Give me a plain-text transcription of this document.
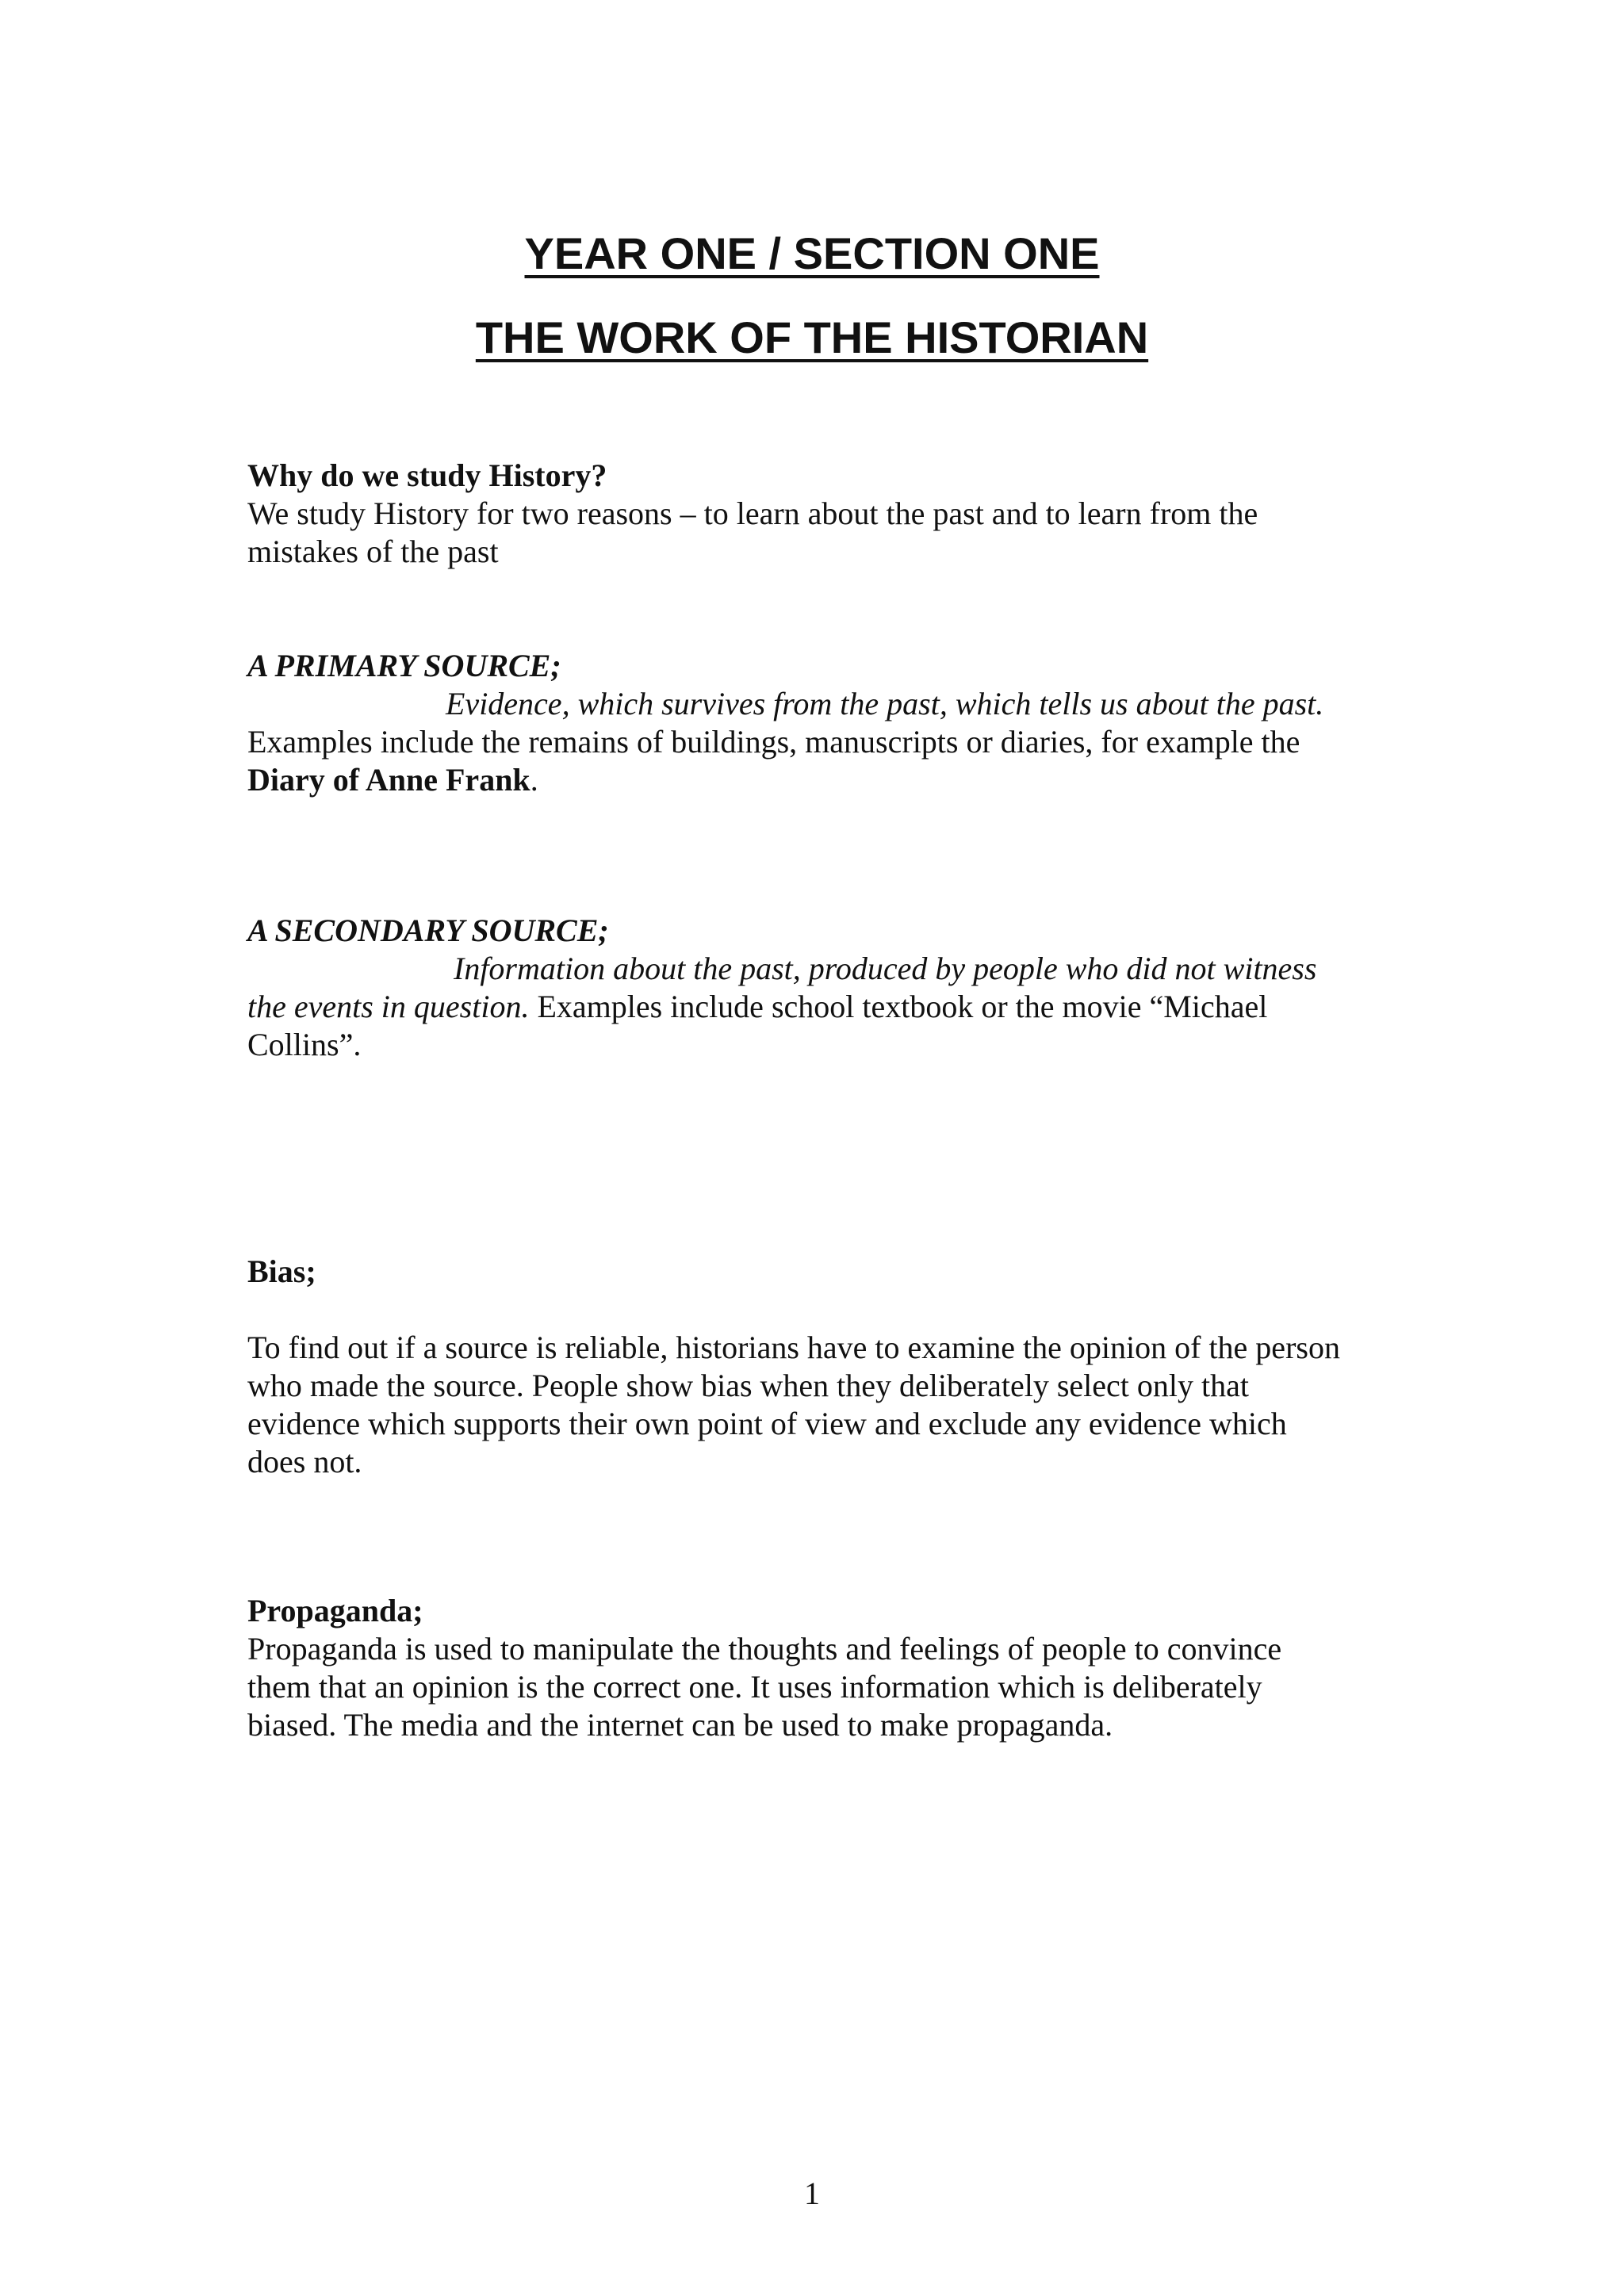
YEAR ONE / SECTION ONE
THE WORK OF THE HISTORIAN
Why do we study History?
We study History for two reasons – to learn about the past and to learn from the
mistakes of the past
A PRIMARY SOURCE;
Evidence, which survives from the past, which tells us about the past.
Examples include the remains of buildings, manuscripts or diaries, for example the
Diary of Anne Frank.
A SECONDARY SOURCE;
Information about the past, produced by people who did not witness
the events in question. Examples include school textbook or the movie “Michael
Collins”.
Bias;
To find out if a source is reliable, historians have to examine the opinion of the person
who made the source. People show bias when they deliberately select only that
evidence which supports their own point of view and exclude any evidence which
does not.
Propaganda;
Propaganda is used to manipulate the thoughts and feelings of people to convince
them that an opinion is the correct one. It uses information which is deliberately
biased. The media and the internet can be used to make propaganda.
1
